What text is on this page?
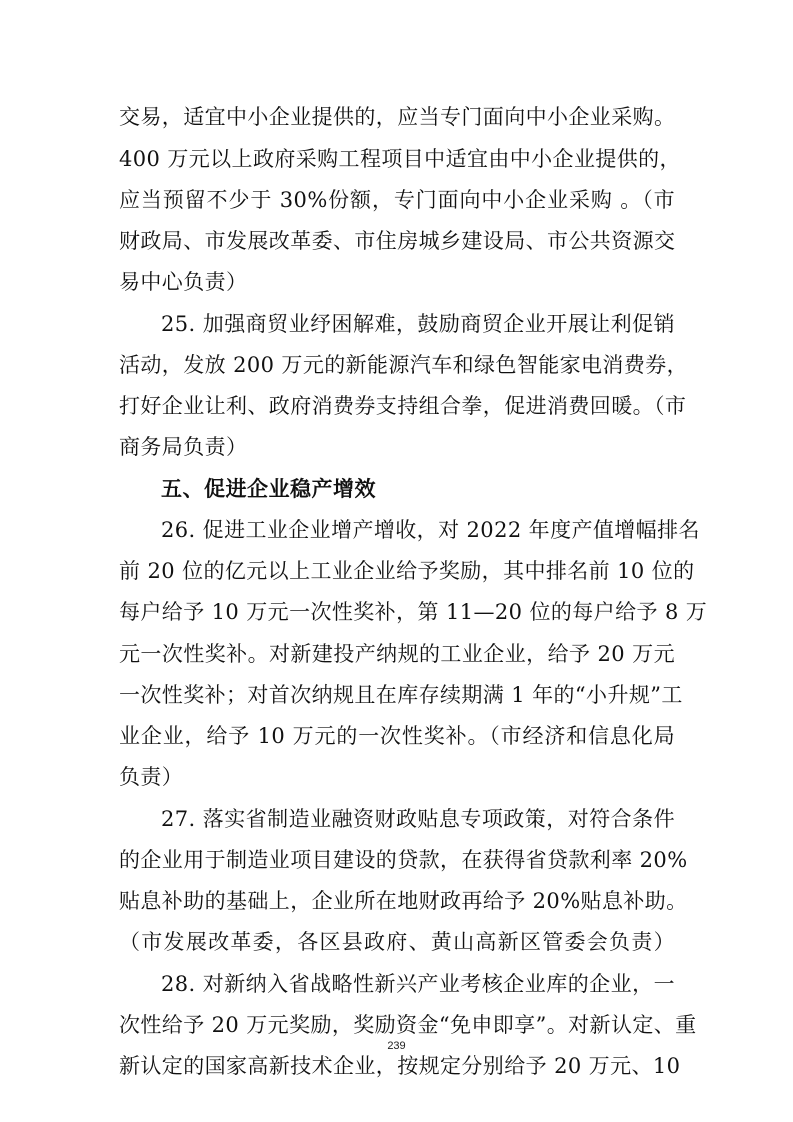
交易，适宜中小企业提供的，应当专门面向中小企业采购。
400 万元以上政府采购工程项目中适宜由中小企业提供的，
应当预留不少于 30%份额，专门面向中小企业采购 。（市
财政局、市发展改革委、市住房城乡建设局、市公共资源交
易中心负责）
25. 加强商贸业纾困解难，鼓励商贸企业开展让利促销
活动，发放 200 万元的新能源汽车和绿色智能家电消费券，
打好企业让利、政府消费券支持组合拳，促进消费回暖。（市
商务局负责）
五、促进企业稳产增效
26. 促进工业企业增产增收，对 2022 年度产值增幅排名
前 20 位的亿元以上工业企业给予奖励，其中排名前 10 位的
每户给予 10 万元一次性奖补，第 11—20 位的每户给予 8 万
元一次性奖补。对新建投产纳规的工业企业，给予 20 万元
一次性奖补；对首次纳规且在库存续期满 1 年的“小升规”工
业企业，给予 10 万元的一次性奖补。（市经济和信息化局
负责）
27. 落实省制造业融资财政贴息专项政策，对符合条件
的企业用于制造业项目建设的贷款，在获得省贷款利率 20%
贴息补助的基础上，企业所在地财政再给予 20%贴息补助。
（市发展改革委，各区县政府、黄山高新区管委会负责）
28. 对新纳入省战略性新兴产业考核企业库的企业，一
次性给予 20 万元奖励，奖励资金“免申即享”。对新认定、重
新认定的国家高新技术企业，按规定分别给予 20 万元、10
239
